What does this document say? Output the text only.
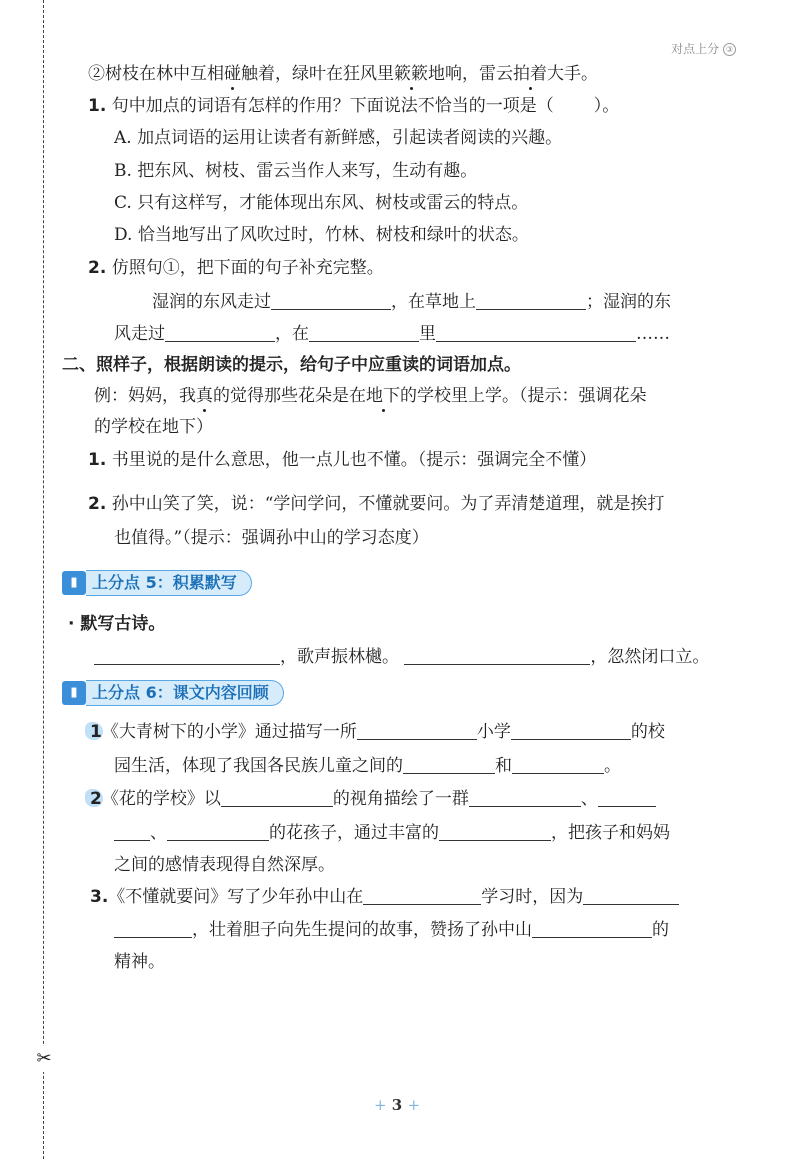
✂
对点上分 ③
②树枝在林中互相碰触着，绿叶在狂风里簌簌地响，雷云拍着大手。
1. 句中加点的词语有怎样的作用？下面说法不恰当的一项是（ ）。
A. 加点词语的运用让读者有新鲜感，引起读者阅读的兴趣。
B. 把东风、树枝、雷云当作人来写，生动有趣。
C. 只有这样写，才能体现出东风、树枝或雷云的特点。
D. 恰当地写出了风吹过时，竹林、树枝和绿叶的状态。
2. 仿照句①，把下面的句子补充完整。
湿润的东风走过	，在草地上	；湿润的东
风走过	，在	里	……
二、照样子，根据朗读的提示，给句子中应重读的词语加点。
例：妈妈，我真的觉得那些花朵是在地下的学校里上学。（提示：强调花朵
的学校在地下）
1. 书里说的是什么意思，他一点儿也不懂。（提示：强调完全不懂）
2. 孙中山笑了笑，说：“学问学问，不懂就要问。为了弄清楚道理，就是挨打
也值得。”（提示：强调孙中山的学习态度）
▮ 上分点 5：积累默写
· 默写古诗。
，歌声振林樾。	，忽然闭口立。
▮ 上分点 6：课文内容回顾
1《大青树下的小学》通过描写一所	小学	的校
园生活，体现了我国各民族儿童之间的	和	。
2《花的学校》以	的视角描绘了一群	、
、	的花孩子，通过丰富的	，把孩子和妈妈
之间的感情表现得自然深厚。
3.《不懂就要问》写了少年孙中山在	学习时，因为
，壮着胆子向先生提问的故事，赞扬了孙中山	的
精神。
+ 3 +
